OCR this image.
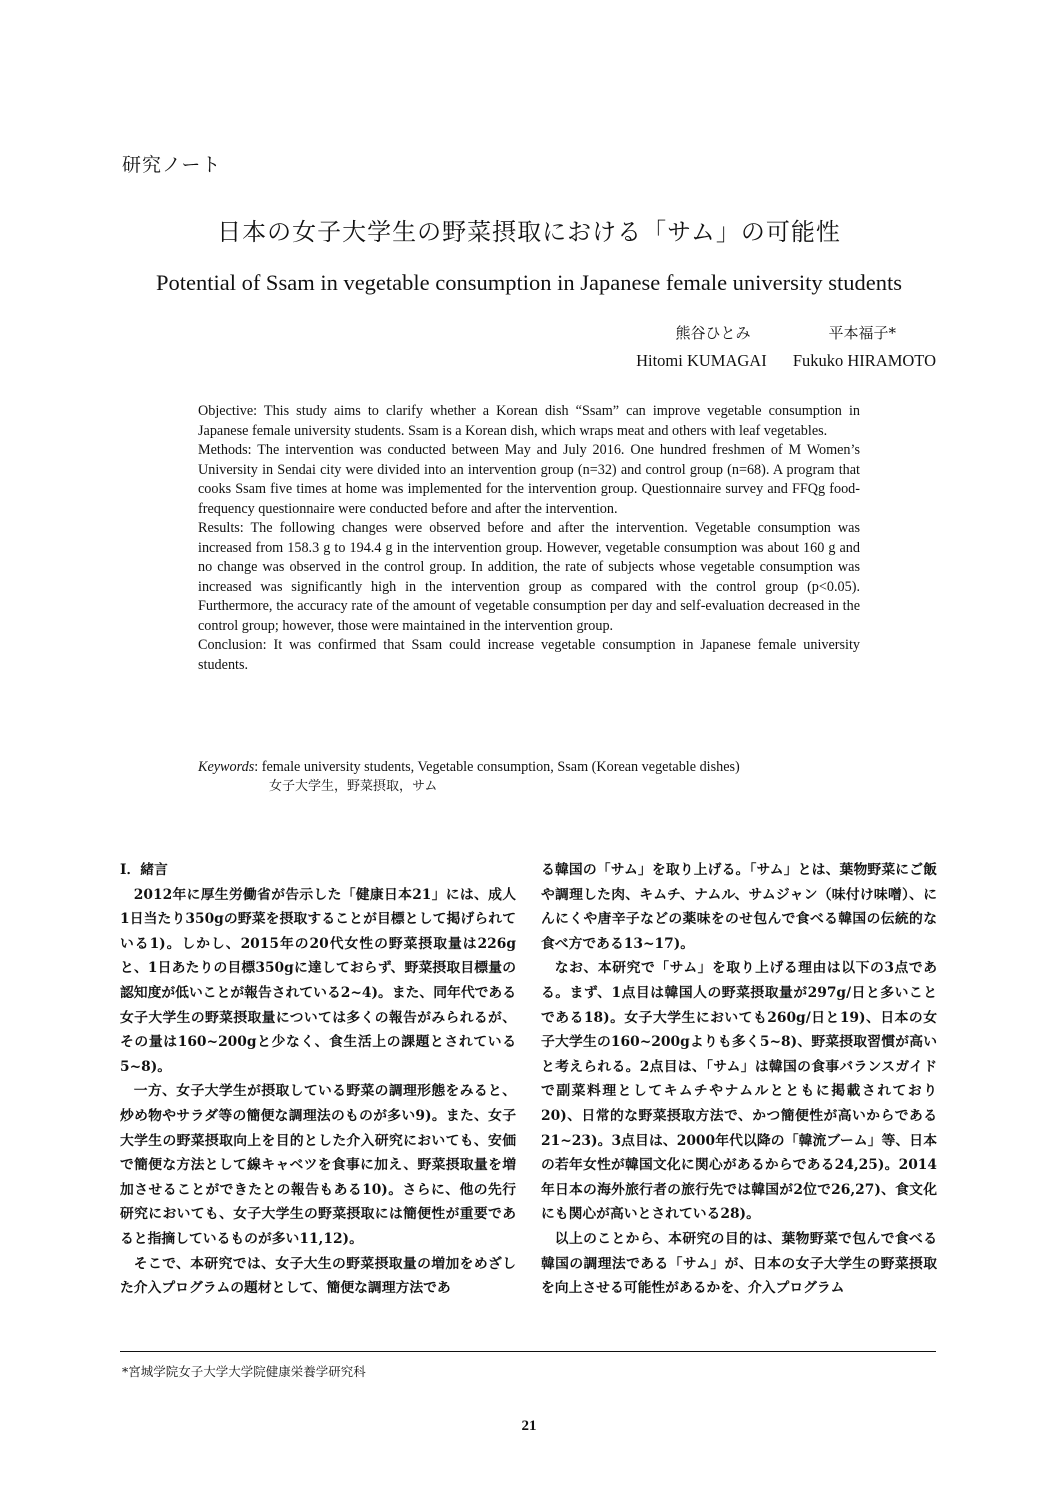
研究ノート
日本の女子大学生の野菜摂取における「サム」の可能性
Potential of Ssam in vegetable consumption in Japanese female university students
熊谷ひとみ	平本福子*
Hitomi KUMAGAI Fukuko HIRAMOTO

Objective: This study aims to clarify whether a Korean dish “Ssam” can improve vegetable consumption in Japanese female university students. Ssam is a Korean dish, which wraps meat and others with leaf vegetables.

Methods: The intervention was conducted between May and July 2016. One hundred freshmen of M Women’s University in Sendai city were divided into an intervention group (n=32) and control group (n=68). A program that cooks Ssam five times at home was implemented for the intervention group. Questionnaire survey and FFQg food-frequency questionnaire were conducted before and after the intervention.

Results: The following changes were observed before and after the intervention. Vegetable consumption was increased from 158.3 g to 194.4 g in the intervention group. However, vegetable consumption was about 160 g and no change was observed in the control group. In addition, the rate of subjects whose vegetable consumption was increased was significantly high in the intervention group as compared with the control group (p<0.05). Furthermore, the accuracy rate of the amount of vegetable consumption per day and self-evaluation decreased in the control group; however, those were maintained in the intervention group.

Conclusion: It was confirmed that Ssam could increase vegetable consumption in Japanese female university students.

Keywords: female university students, Vegetable consumption, Ssam (Korean vegetable dishes)
女子大学生，野菜摂取，サム

Ⅰ．緒言

2012年に厚生労働省が告示した「健康日本21」には、成人1日当たり350gの野菜を摂取することが目標として掲げられている1)。しかし、2015年の20代女性の野菜摂取量は226gと、1日あたりの目標350gに達しておらず、野菜摂取目標量の認知度が低いことが報告されている2~4)。また、同年代である女子大学生の野菜摂取量については多くの報告がみられるが、その量は160~200gと少なく、食生活上の課題とされている5~8)。

一方、女子大学生が摂取している野菜の調理形態をみると、炒め物やサラダ等の簡便な調理法のものが多い9)。また、女子大学生の野菜摂取向上を目的とした介入研究においても、安価で簡便な方法として線キャベツを食事に加え、野菜摂取量を増加させることができたとの報告もある10)。さらに、他の先行研究においても、女子大学生の野菜摂取には簡便性が重要であると指摘しているものが多い11,12)。

そこで、本研究では、女子大生の野菜摂取量の増加をめざした介入プログラムの題材として、簡便な調理方法であ

る韓国の「サム」を取り上げる。「サム」とは、葉物野菜にご飯や調理した肉、キムチ、ナムル、サムジャン（味付け味噌）、にんにくや唐辛子などの薬味をのせ包んで食べる韓国の伝統的な食べ方である13~17)。

なお、本研究で「サム」を取り上げる理由は以下の3点である。まず、1点目は韓国人の野菜摂取量が297g/日と多いことである18)。女子大学生においても260g/日と19)、日本の女子大学生の160~200gよりも多く5~8)、野菜摂取習慣が高いと考えられる。2点目は、「サム」は韓国の食事バランスガイドで副菜料理としてキムチやナムルとともに掲載されており20)、日常的な野菜摂取方法で、かつ簡便性が高いからである21~23)。3点目は、2000年代以降の「韓流ブーム」等、日本の若年女性が韓国文化に関心があるからである24,25)。2014年日本の海外旅行者の旅行先では韓国が2位で26,27)、食文化にも関心が高いとされている28)。

以上のことから、本研究の目的は、葉物野菜で包んで食べる韓国の調理法である「サム」が、日本の女子大学生の野菜摂取を向上させる可能性があるかを、介入プログラム

*宮城学院女子大学大学院健康栄養学研究科
21
